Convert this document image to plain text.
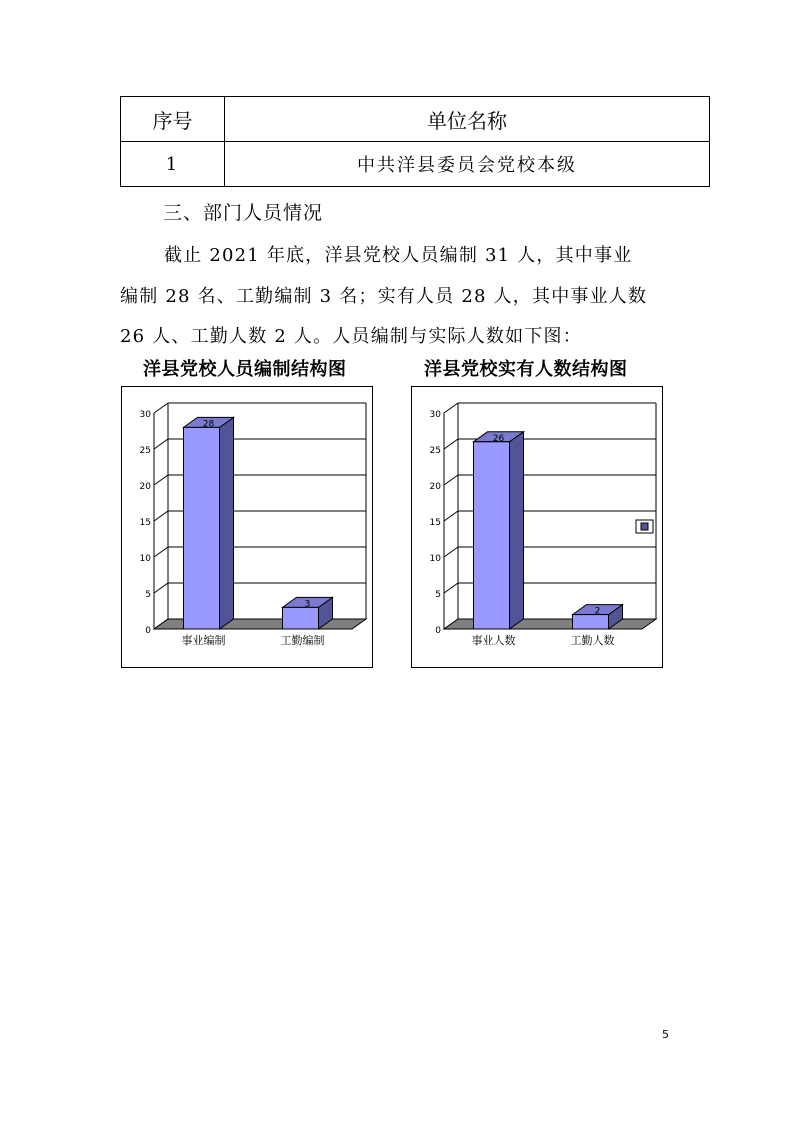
序号	单位名称
1	中共洋县委员会党校本级
三、部门人员情况
截止 2021 年底，洋县党校人员编制 31 人，其中事业
编制 28 名、工勤编制 3 名；实有人员 28 人，其中事业人数
26 人、工勤人数 2 人。人员编制与实际人数如下图：
洋县党校人员编制结构图
0
5
10
15
20
25
30
28
事业编制
3
工勤编制
洋县党校实有人数结构图
0
5
10
15
20
25
30
26
事业人数
2
工勤人数
5
